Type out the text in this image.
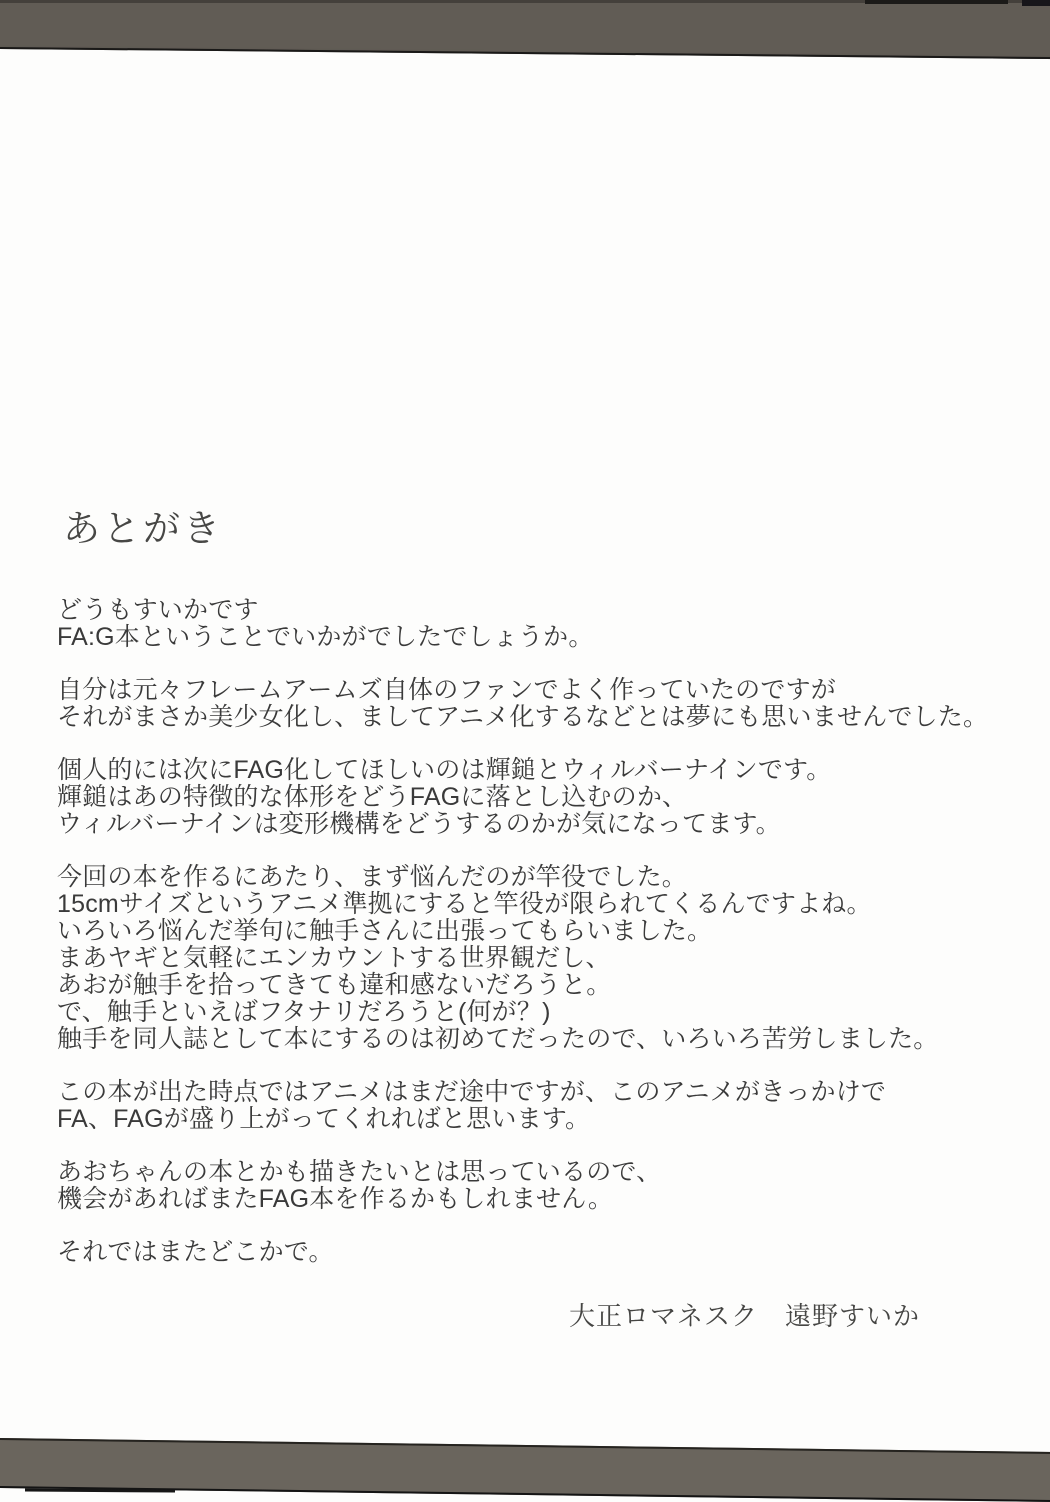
あとがき
どうもすいかです
FA:G本ということでいかがでしたでしょうか。
自分は元々フレームアームズ自体のファンでよく作っていたのですが
それがまさか美少女化し、ましてアニメ化するなどとは夢にも思いませんでした。
個人的には次にFAG化してほしいのは輝鎚とウィルバーナインです。
輝鎚はあの特徴的な体形をどうFAGに落とし込むのか、
ウィルバーナインは変形機構をどうするのかが気になってます。
今回の本を作るにあたり、まず悩んだのが竿役でした。
15cmサイズというアニメ準拠にすると竿役が限られてくるんですよね。
いろいろ悩んだ挙句に触手さんに出張ってもらいました。
まあヤギと気軽にエンカウントする世界観だし、
あおが触手を拾ってきても違和感ないだろうと。
で、触手といえばフタナリだろうと(何が？)
触手を同人誌として本にするのは初めてだったので、いろいろ苦労しました。
この本が出た時点ではアニメはまだ途中ですが、このアニメがきっかけで
FA、FAGが盛り上がってくれればと思います。
あおちゃんの本とかも描きたいとは思っているので、
機会があればまたFAG本を作るかもしれません。
それではまたどこかで。
大正ロマネスク　遠野すいか
